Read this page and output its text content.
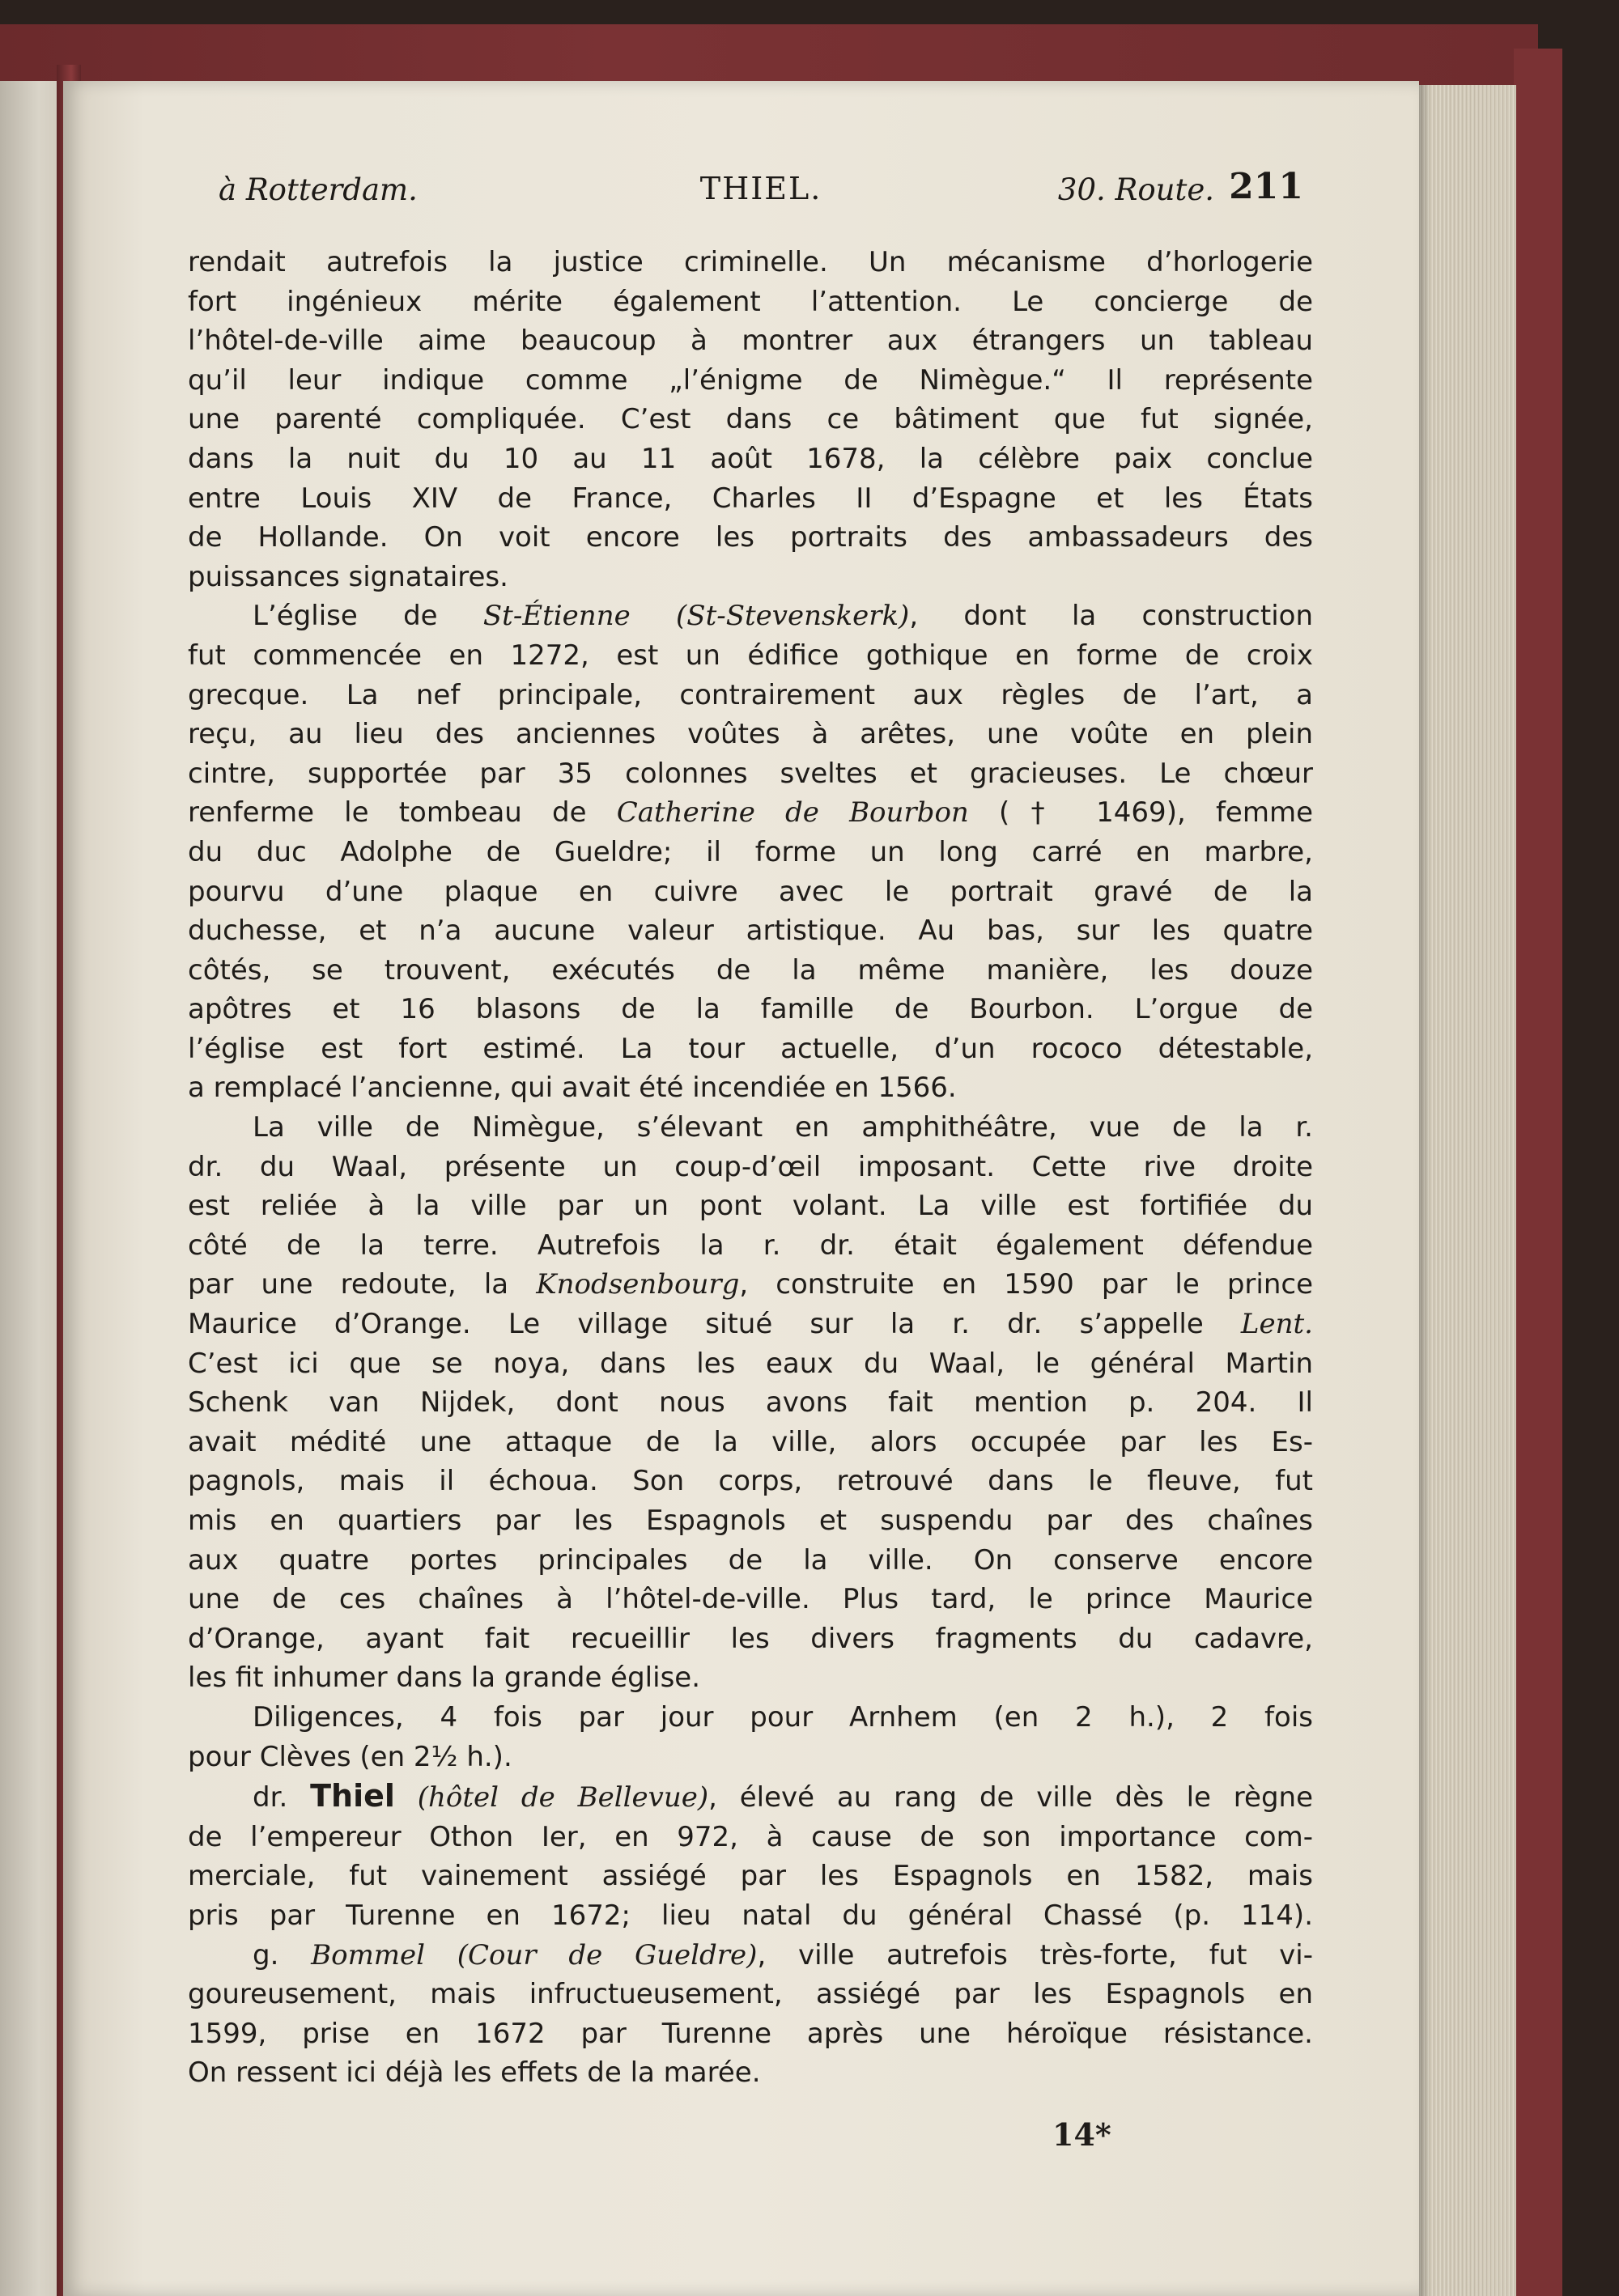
à Rotterdam.	THIEL.	30. Route. 211
rendait autrefois la justice criminelle. Un mécanisme d’horlogerie
fort ingénieux mérite également l’attention. Le concierge de
l’hôtel-de-ville aime beaucoup à montrer aux étrangers un tableau
qu’il leur indique comme „l’énigme de Nimègue.“ Il représente
une parenté compliquée. C’est dans ce bâtiment que fut signée,
dans la nuit du 10 au 11 août 1678, la célèbre paix conclue
entre Louis XIV de France, Charles II d’Espagne et les États
de Hollande. On voit encore les portraits des ambassadeurs des
puissances signataires.
L’église de St-Étienne (St-Stevenskerk), dont la construction
fut commencée en 1272, est un édifice gothique en forme de croix
grecque. La nef principale, contrairement aux règles de l’art, a
reçu, au lieu des anciennes voûtes à arêtes, une voûte en plein
cintre, supportée par 35 colonnes sveltes et gracieuses. Le chœur
renferme le tombeau de Catherine de Bourbon († 1469), femme
du duc Adolphe de Gueldre; il forme un long carré en marbre,
pourvu d’une plaque en cuivre avec le portrait gravé de la
duchesse, et n’a aucune valeur artistique. Au bas, sur les quatre
côtés, se trouvent, exécutés de la même manière, les douze
apôtres et 16 blasons de la famille de Bourbon. L’orgue de
l’église est fort estimé. La tour actuelle, d’un rococo détestable,
a remplacé l’ancienne, qui avait été incendiée en 1566.
La ville de Nimègue, s’élevant en amphithéâtre, vue de la r.
dr. du Waal, présente un coup-d’œil imposant. Cette rive droite
est reliée à la ville par un pont volant. La ville est fortifiée du
côté de la terre. Autrefois la r. dr. était également défendue
par une redoute, la Knodsenbourg, construite en 1590 par le prince
Maurice d’Orange. Le village situé sur la r. dr. s’appelle Lent.
C’est ici que se noya, dans les eaux du Waal, le général Martin
Schenk van Nijdek, dont nous avons fait mention p. 204. Il
avait médité une attaque de la ville, alors occupée par les Es-
pagnols, mais il échoua. Son corps, retrouvé dans le fleuve, fut
mis en quartiers par les Espagnols et suspendu par des chaînes
aux quatre portes principales de la ville. On conserve encore
une de ces chaînes à l’hôtel-de-ville. Plus tard, le prince Maurice
d’Orange, ayant fait recueillir les divers fragments du cadavre,
les fit inhumer dans la grande église.
Diligences, 4 fois par jour pour Arnhem (en 2 h.), 2 fois
pour Clèves (en 2½ h.).
dr. Thiel (hôtel de Bellevue), élevé au rang de ville dès le règne
de l’empereur Othon Ier, en 972, à cause de son importance com-
merciale, fut vainement assiégé par les Espagnols en 1582, mais
pris par Turenne en 1672; lieu natal du général Chassé (p. 114).
g. Bommel (Cour de Gueldre), ville autrefois très-forte, fut vi-
goureusement, mais infructueusement, assiégé par les Espagnols en
1599, prise en 1672 par Turenne après une héroïque résistance.
On ressent ici déjà les effets de la marée.
14*
